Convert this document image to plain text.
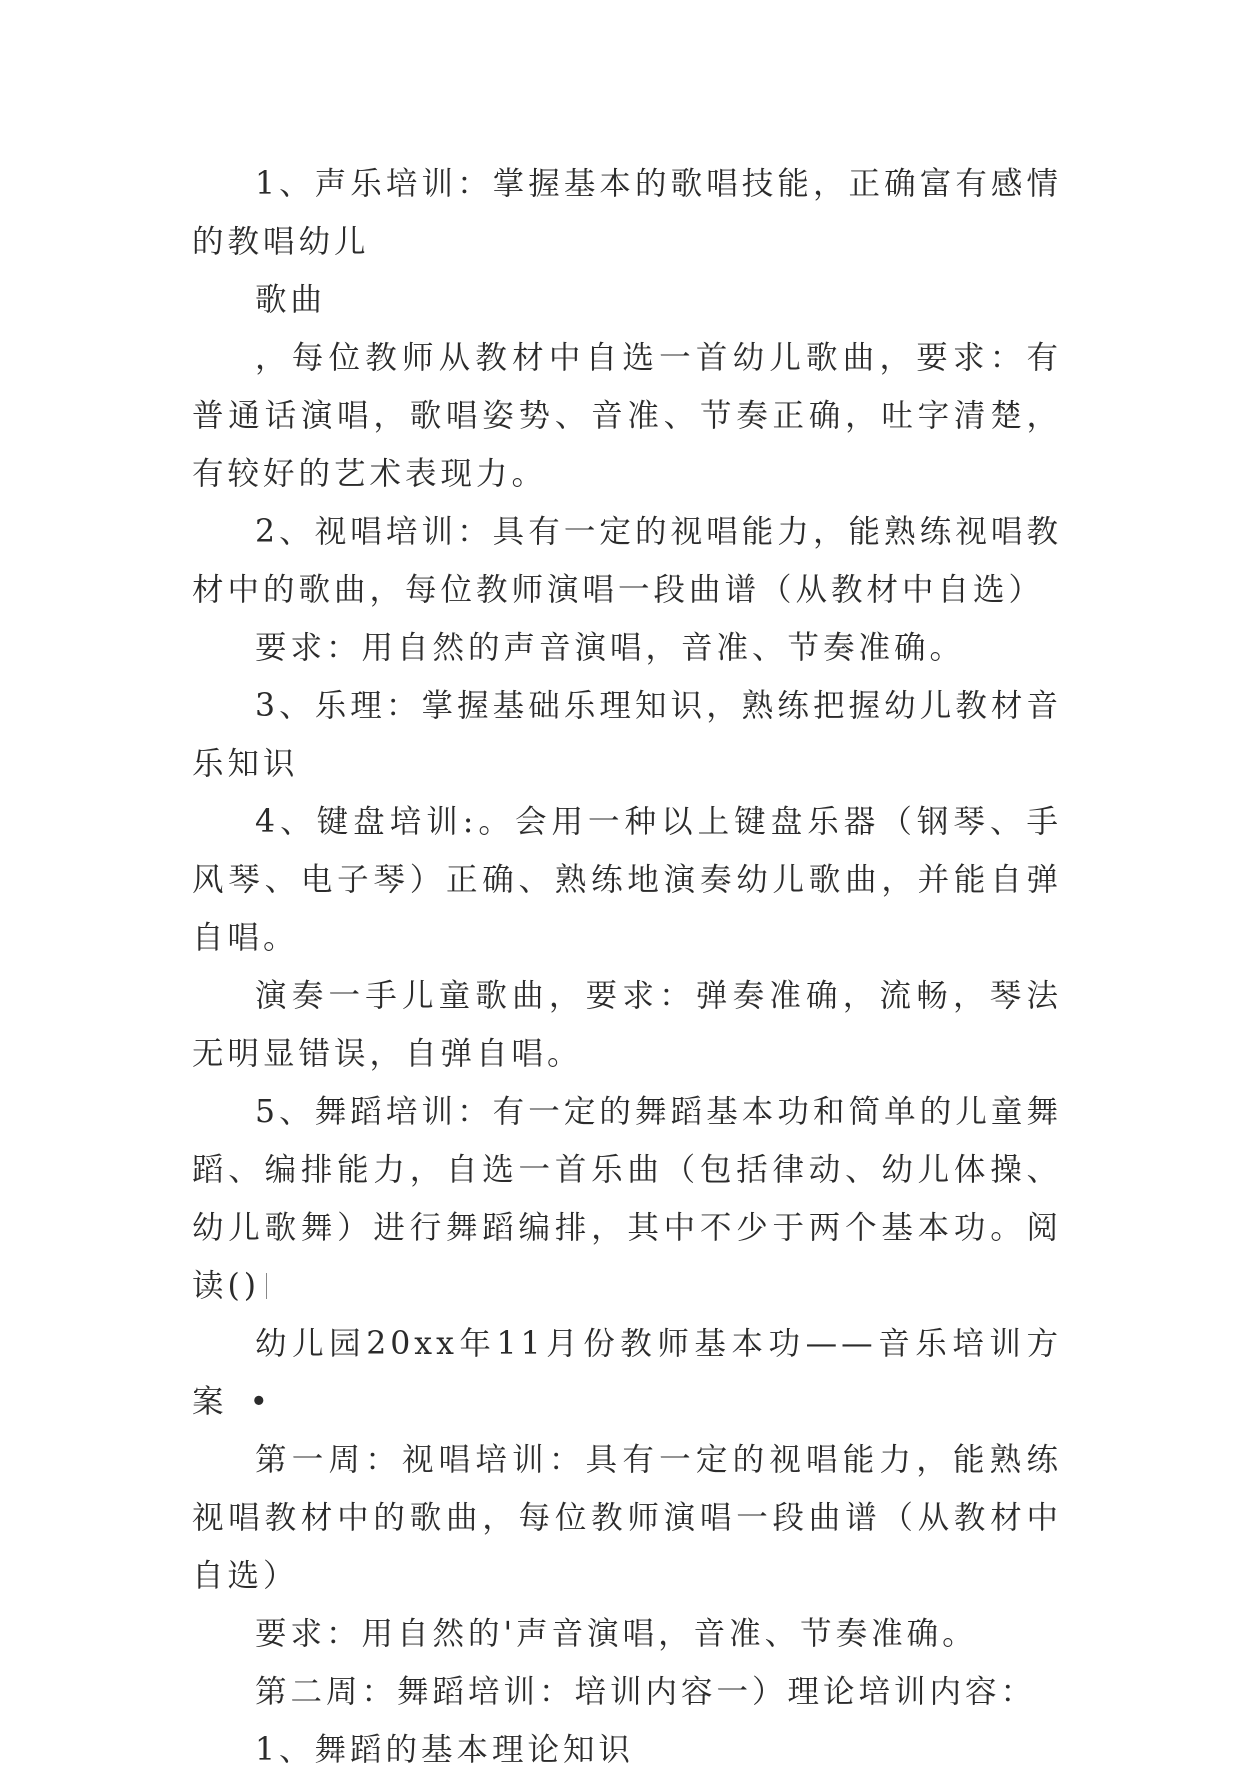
1、声乐培训：掌握基本的歌唱技能，正确富有感情的教唱幼儿

歌曲

，每位教师从教材中自选一首幼儿歌曲，要求：有普通话演唱，歌唱姿势、音准、节奏正确，吐字清楚，有较好的艺术表现力。

2、视唱培训：具有一定的视唱能力，能熟练视唱教材中的歌曲，每位教师演唱一段曲谱（从教材中自选）

要求：用自然的声音演唱，音准、节奏准确。

3、乐理：掌握基础乐理知识，熟练把握幼儿教材音乐知识

4、键盘培训:。会用一种以上键盘乐器（钢琴、手风琴、电子琴）正确、熟练地演奏幼儿歌曲，并能自弹自唱。

演奏一手儿童歌曲，要求：弹奏准确，流畅，琴法无明显错误，自弹自唱。

5、舞蹈培训：有一定的舞蹈基本功和简单的儿童舞蹈、编排能力，自选一首乐曲（包括律动、幼儿体操、幼儿歌舞）进行舞蹈编排，其中不少于两个基本功。阅读()

幼儿园20xx年11月份教师基本功——音乐培训方案 •

第一周：视唱培训：具有一定的视唱能力，能熟练视唱教材中的歌曲，每位教师演唱一段曲谱（从教材中自选）

要求：用自然的'声音演唱，音准、节奏准确。

第二周：舞蹈培训：培训内容一）理论培训内容：

1、舞蹈的基本理论知识
